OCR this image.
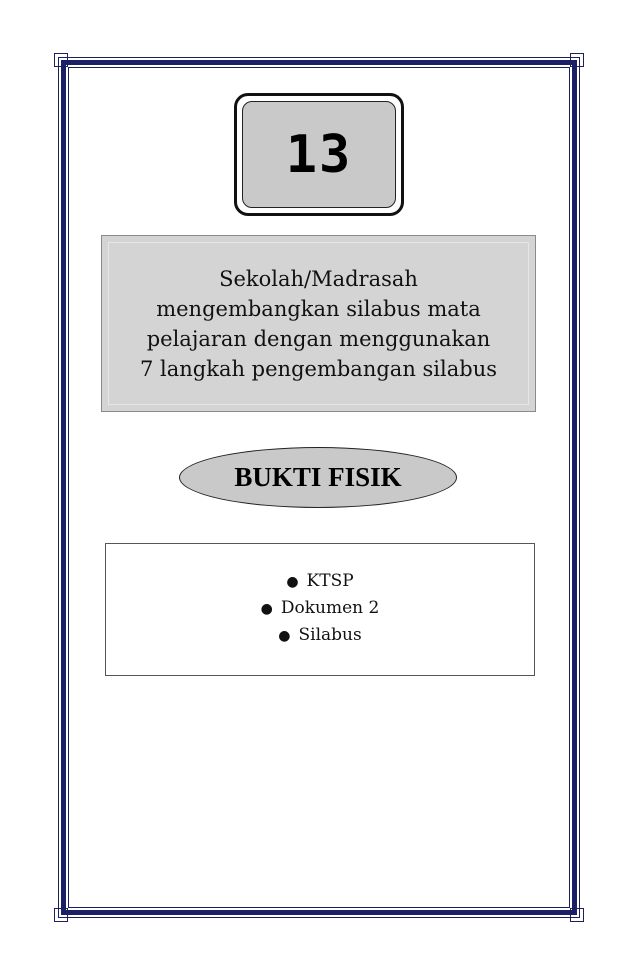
13
Sekolah/Madrasah
mengembangkan silabus mata
pelajaran dengan menggunakan
7 langkah pengembangan silabus
BUKTI FISIK
● KTSP
● Dokumen 2
● Silabus
